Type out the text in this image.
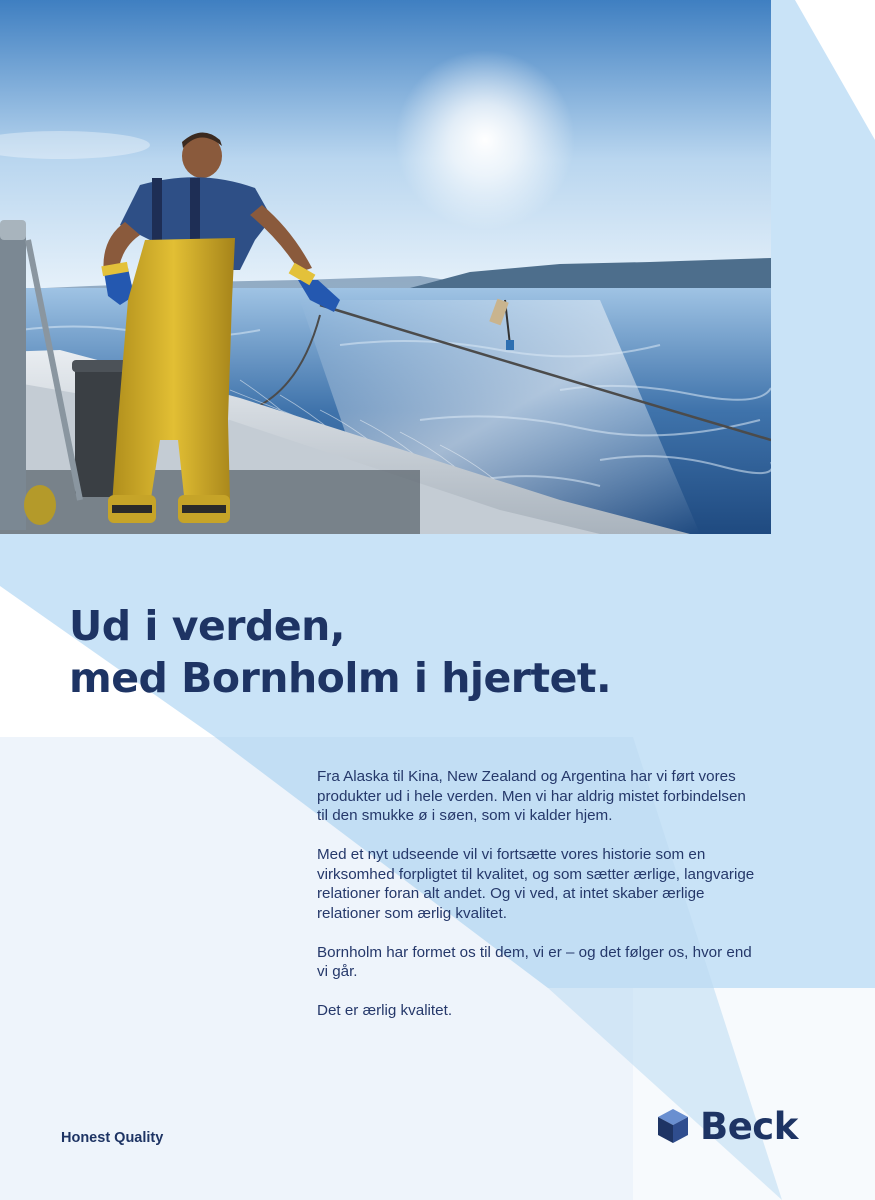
Ud i verden,
med Bornholm i hjertet.

Fra Alaska til Kina, New Zealand og Argentina har vi ført vores produkter ud i hele verden. Men vi har aldrig mistet forbindelsen til den smukke ø i søen, som vi kalder hjem.

Med et nyt udseende vil vi fortsætte vores historie som en virksomhed forpligtet til kvalitet, og som sætter ærlige, langvarige relationer foran alt andet. Og vi ved, at intet skaber ærlige relationer som ærlig kvalitet.

Bornholm har formet os til dem, vi er – og det følger os, hvor end vi går.

Det er ærlig kvalitet.

Honest Quality	Beck
